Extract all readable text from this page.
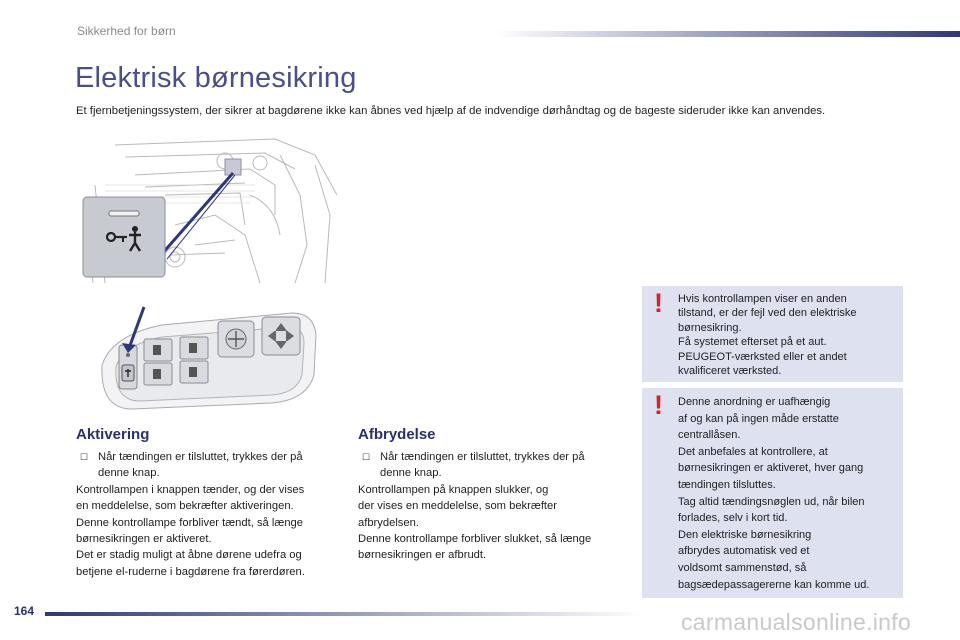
Sikkerhed for børn
Elektrisk børnesikring
Et fjernbetjeningssystem, der sikrer at bagdørene ikke kan åbnes ved hjælp af de indvendige dørhåndtag og de bageste sideruder ikke kan anvendes.
Aktivering
☐ Når tændingen er tilsluttet, trykkes der på
denne knap.
Kontrollampen i knappen tænder, og der vises
en meddelelse, som bekræfter aktiveringen.
Denne kontrollampe forbliver tændt, så længe
børnesikringen er aktiveret.
Det er stadig muligt at åbne dørene udefra og
betjene el-ruderne i bagdørene fra førerdøren.
Afbrydelse
☐ Når tændingen er tilsluttet, trykkes der på
denne knap.
Kontrollampen på knappen slukker, og
der vises en meddelelse, som bekræfter
afbrydelsen.
Denne kontrollampe forbliver slukket, så længe
børnesikringen er afbrudt.
! Hvis kontrollampen viser en anden
tilstand, er der fejl ved den elektriske
børnesikring.
Få systemet efterset på et aut.
PEUGEOT-værksted eller et andet
kvalificeret værksted.
! Denne anordning er uafhængig
af og kan på ingen måde erstatte
centrallåsen.
Det anbefales at kontrollere, at
børnesikringen er aktiveret, hver gang
tændingen tilsluttes.
Tag altid tændingsnøglen ud, når bilen
forlades, selv i kort tid.
Den elektriske børnesikring
afbrydes automatisk ved et
voldsomt sammenstød, så
bagsædepassagererne kan komme ud.
164	carmanualsonline.info
